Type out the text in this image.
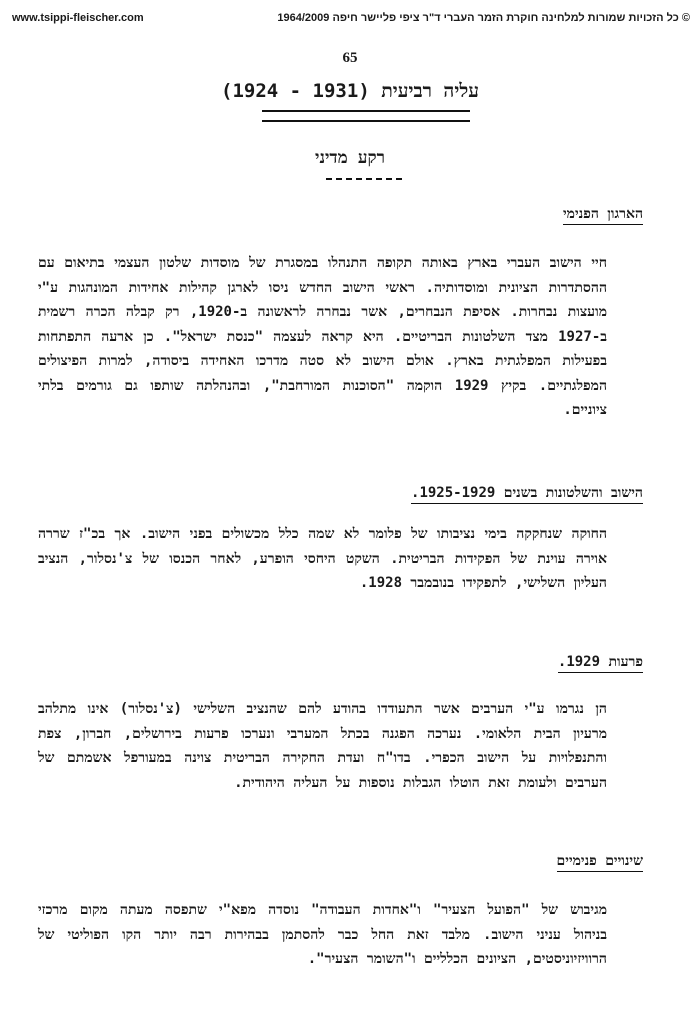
www.tsippi-fleischer.com	© כל הזכויות שמורות למלחינה חוקרת הזמר העברי ד"ר ציפי פליישר חיפה 1964/2009
65
עליה רביעית (1931 - 1924)
רקע מדיני
הארגון הפנימי

חיי הישוב העברי בארץ באותה תקופה התנהלו במסגרת של מוסדות שלטון העצמי בתיאום עם ההסתדרות הציונית ומוסדותיה. ראשי הישוב החדש ניסו לארגן קהילות אחידות המונהגות ע"י מועצות נבחרות. אסיפת הנבחרים, אשר נבחרה לראשונה ב-1920, רק קבלה הכרה רשמית ב-1927 מצד השלטונות הבריטיים. היא קראה לעצמה "כנסת ישראל". כן ארעה התפתחות בפעילות המפלגתית בארץ. אולם הישוב לא סטה מדרכו האחידה ביסודה, למרות הפיצולים המפלגתיים. בקיץ 1929 הוקמה "הסוכנות המורחבת", ובהנהלתה שותפו גם גורמים בלתי ציוניים.

הישוב והשלטונות בשנים 1925-1929.

החוקה שנחקקה בימי נציבותו של פלומר לא שמה כלל מכשולים בפני הישוב. אך בכ"ז שררה אוירה עוינת של הפקידות הבריטית. השקט היחסי הופרע, לאחר הכנסו של צ'נסלור, הנציב העליון השלישי, לתפקידו בנובמבר 1928.

פרעות 1929.

הן נגרמו ע"י הערבים אשר התעודדו בהודע להם שהנציב השלישי (צ'נסלור) אינו מתלהב מרעיון הבית הלאומי. נערכה הפגנה בכתל המערבי ונערכו פרעות בירושלים, חברון, צפת והתנפלויות על הישוב הכפרי. בדו"ח ועדת החקירה הבריטית צוינה במעורפל אשמתם של הערבים ולעומת זאת הוטלו הגבלות נוספות על העליה היהודית.

שינויים פנימיים

מגיבוש של "הפועל הצעיר" ו"אחדות העבודה" נוסדה מפא"י שתפסה מעתה מקום מרכזי בניהול עניני הישוב. מלבד זאת החל כבר להסתמן בבהירות רבה יותר הקו הפוליטי של הרוויזיוניסטים, הציונים הכלליים ו"השומר הצעיר".
